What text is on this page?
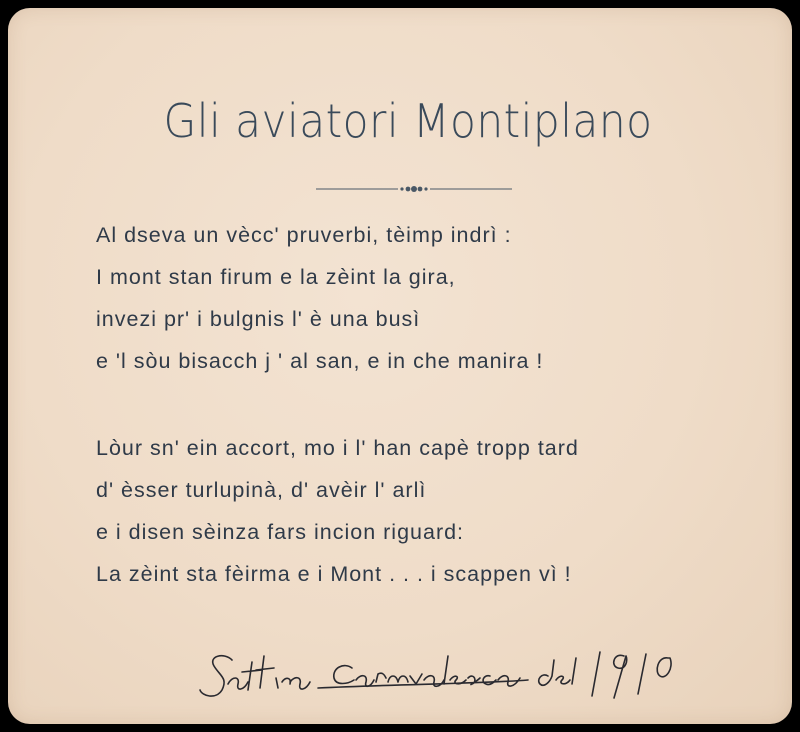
Gli aviatori Montiplano
Al dseva un vècc' pruverbi, tèimp indrì :
I mont stan firum e la zèint la gira,
invezi pr' i bulgnis l' è una busì
e 'l sòu bisacch j ' al san, e in che manira !
Lòur sn' ein accort, mo i l' han capè tropp tard
d' èsser turlupinà, d' avèir l' arlì
e i disen sèinza fars incion riguard:
La zèint sta fèirma e i Mont . . . i scappen vì !
